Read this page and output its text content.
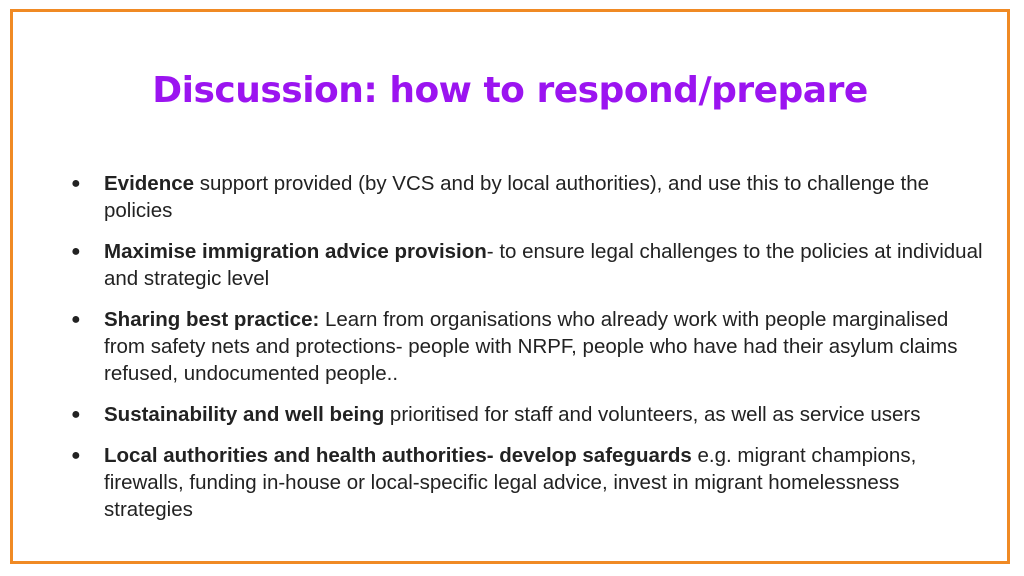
Discussion: how to respond/prepare
● Evidence support provided (by VCS and by local authorities), and use this to challenge the policies
● Maximise immigration advice provision- to ensure legal challenges to the policies at individual and strategic level
● Sharing best practice: Learn from organisations who already work with people marginalised from safety nets and protections- people with NRPF, people who have had their asylum claims refused, undocumented people..
● Sustainability and well being prioritised for staff and volunteers, as well as service users
● Local authorities and health authorities- develop safeguards e.g. migrant champions, firewalls, funding in-house or local-specific legal advice, invest in migrant homelessness strategies
